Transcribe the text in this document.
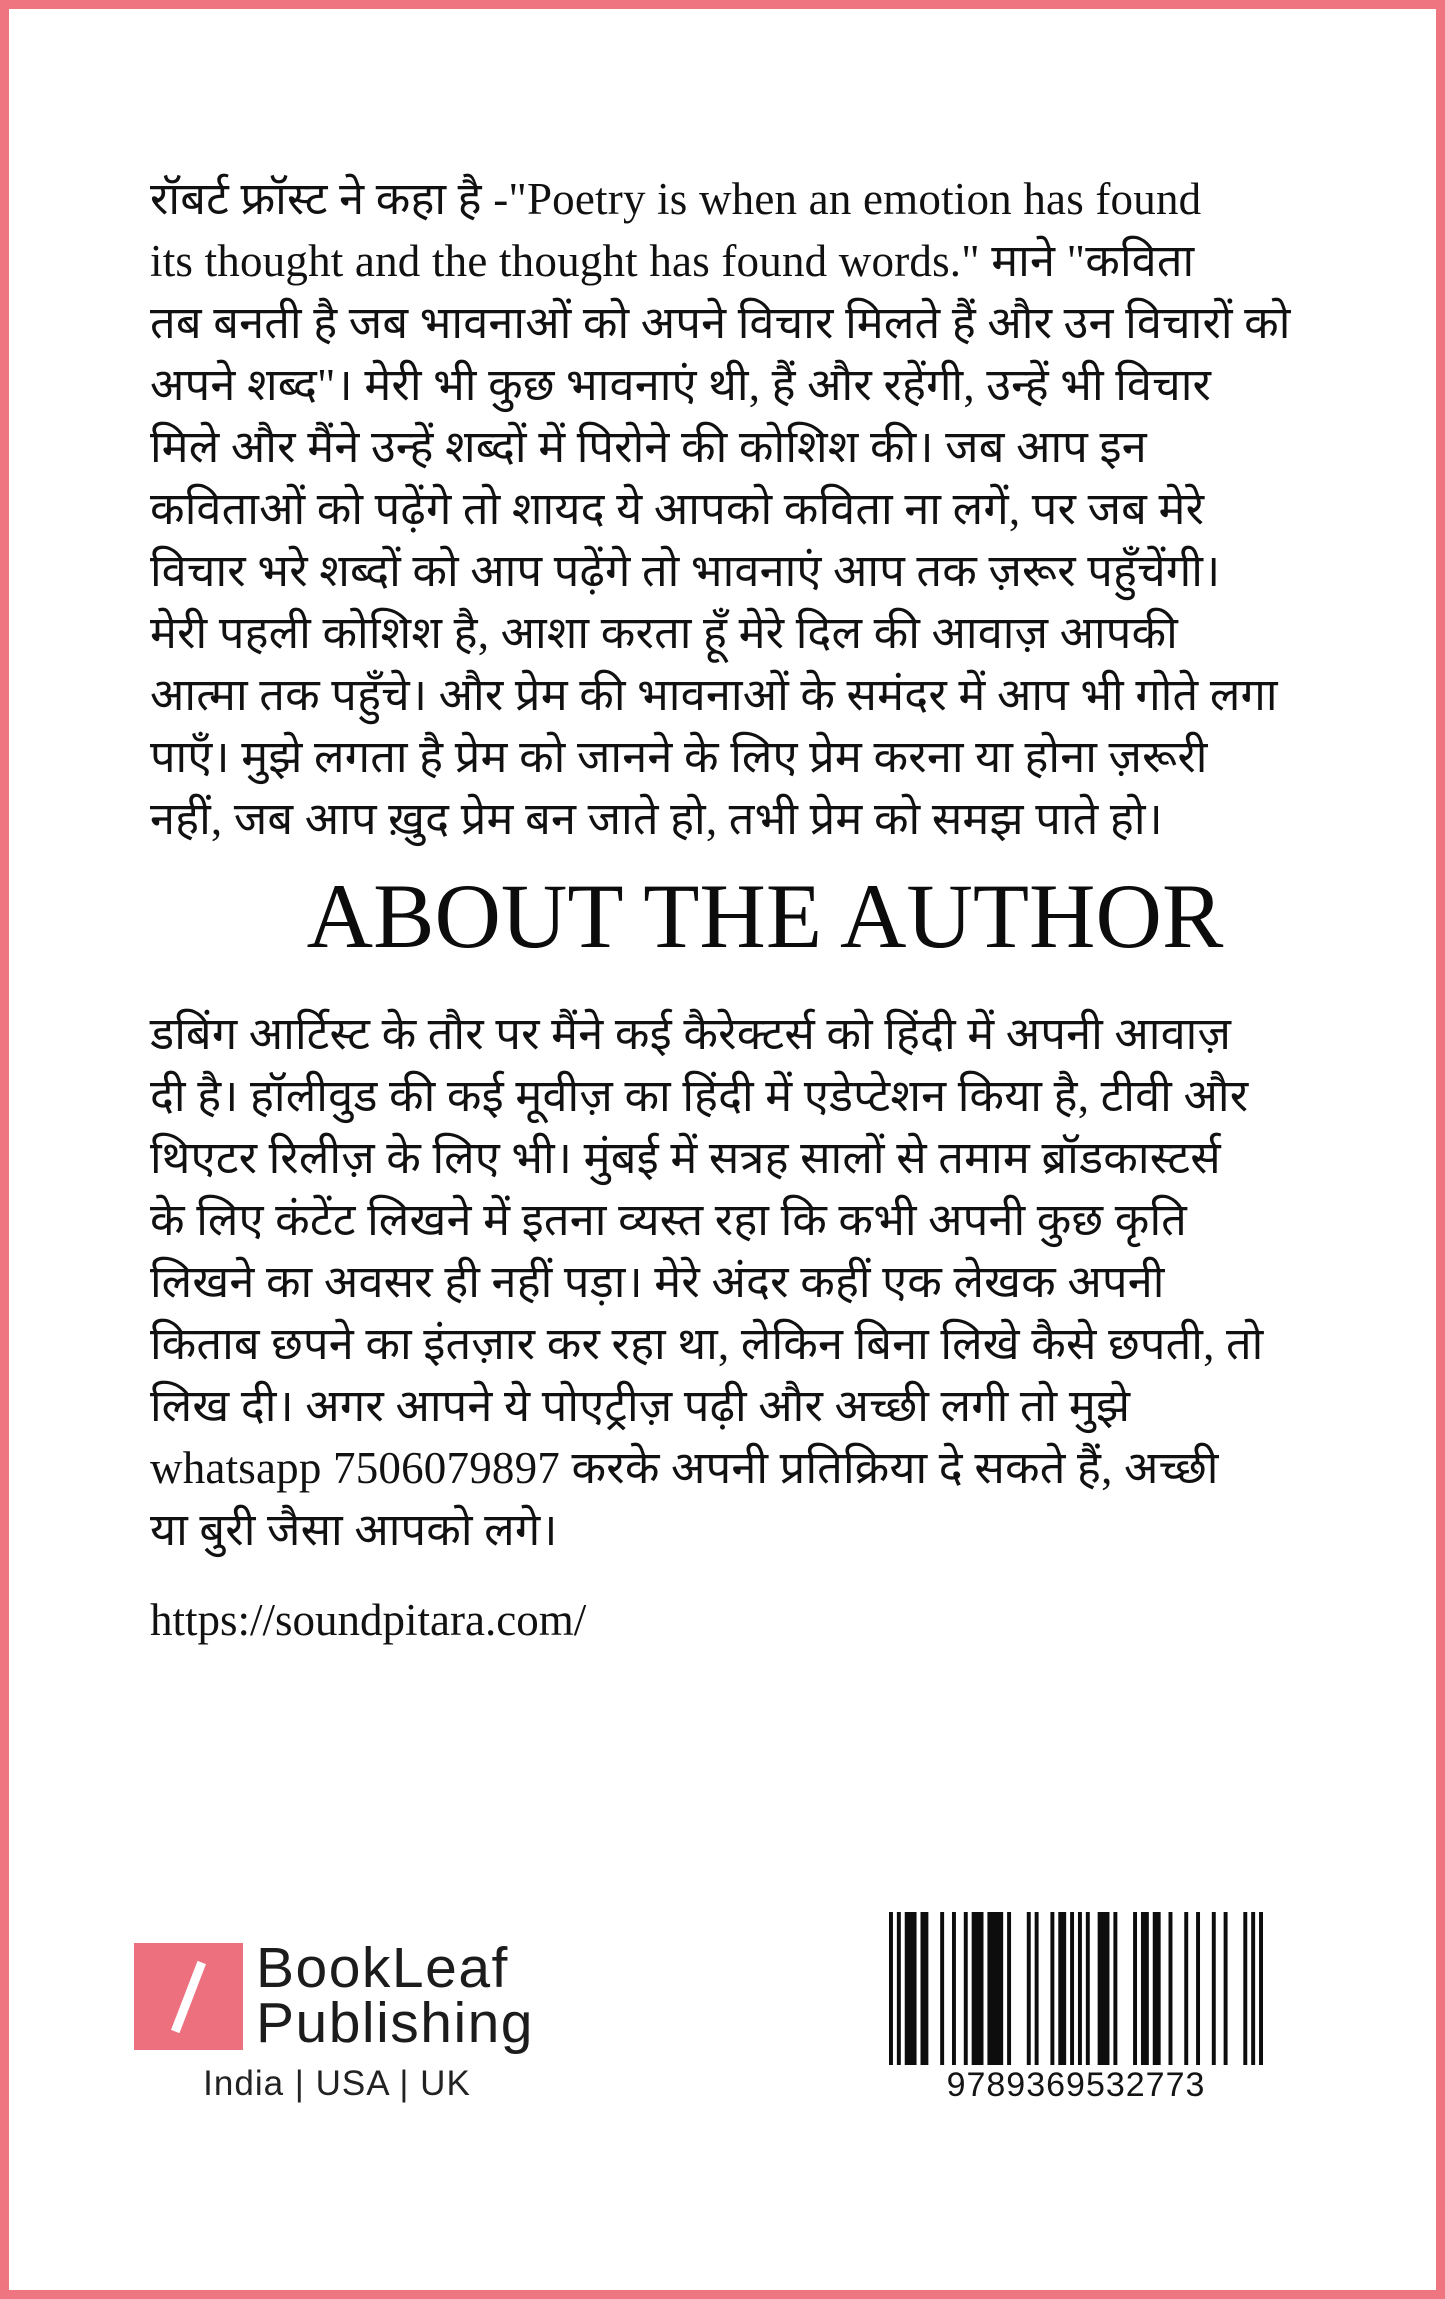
रॉबर्ट फ्रॉस्ट ने कहा है -"Poetry is when an emotion has found
its thought and the thought has found words." माने "कविता
तब बनती है जब भावनाओं को अपने विचार मिलते हैं और उन विचारों को
अपने शब्द"। मेरी भी कुछ भावनाएं थी, हैं और रहेंगी, उन्हें भी विचार
मिले और मैंने उन्हें शब्दों में पिरोने की कोशिश की। जब आप इन
कविताओं को पढ़ेंगे तो शायद ये आपको कविता ना लगें, पर जब मेरे
विचार भरे शब्दों को आप पढ़ेंगे तो भावनाएं आप तक ज़रूर पहुँचेंगी।
मेरी पहली कोशिश है, आशा करता हूँ मेरे दिल की आवाज़ आपकी
आत्मा तक पहुँचे। और प्रेम की भावनाओं के समंदर में आप भी गोते लगा
पाएँ। मुझे लगता है प्रेम को जानने के लिए प्रेम करना या होना ज़रूरी
नहीं, जब आप ख़ुद प्रेम बन जाते हो, तभी प्रेम को समझ पाते हो।
ABOUT THE AUTHOR
डबिंग आर्टिस्ट के तौर पर मैंने कई कैरेक्टर्स को हिंदी में अपनी आवाज़
दी है। हॉलीवुड की कई मूवीज़ का हिंदी में एडेप्टेशन किया है, टीवी और
थिएटर रिलीज़ के लिए भी। मुंबई में सत्रह सालों से तमाम ब्रॉडकास्टर्स
के लिए कंटेंट लिखने में इतना व्यस्त रहा कि कभी अपनी कुछ कृति
लिखने का अवसर ही नहीं पड़ा। मेरे अंदर कहीं एक लेखक अपनी
किताब छपने का इंतज़ार कर रहा था, लेकिन बिना लिखे कैसे छपती, तो
लिख दी। अगर आपने ये पोएट्रीज़ पढ़ी और अच्छी लगी तो मुझे
whatsapp 7506079897 करके अपनी प्रतिक्रिया दे सकते हैं, अच्छी
या बुरी जैसा आपको लगे।
https://soundpitara.com/
BookLeaf
Publishing
India | USA | UK	9789369532773
